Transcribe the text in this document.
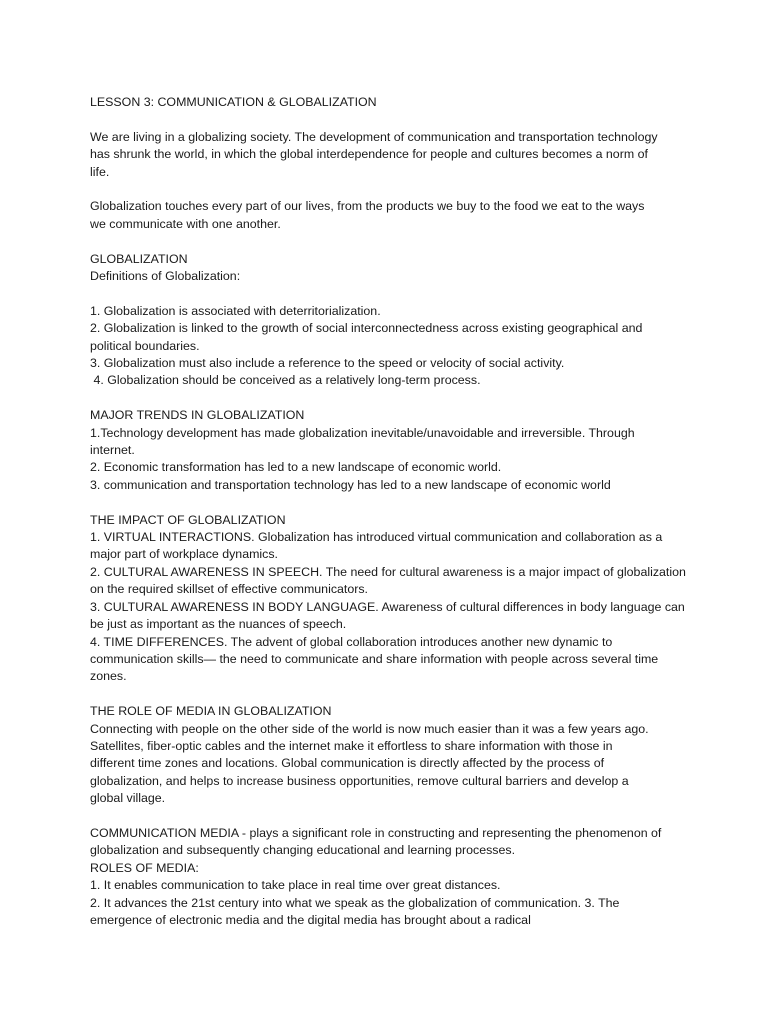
LESSON 3: COMMUNICATION & GLOBALIZATION
We are living in a globalizing society. The development of communication and transportation technology
has shrunk the world, in which the global interdependence for people and cultures becomes a norm of
life.
Globalization touches every part of our lives, from the products we buy to the food we eat to the ways
we communicate with one another.
GLOBALIZATION
Definitions of Globalization:
1. Globalization is associated with deterritorialization.
2. Globalization is linked to the growth of social interconnectedness across existing geographical and
political boundaries.
3. Globalization must also include a reference to the speed or velocity of social activity.
4. Globalization should be conceived as a relatively long-term process.
MAJOR TRENDS IN GLOBALIZATION
1.Technology development has made globalization inevitable/unavoidable and irreversible. Through
internet.
2. Economic transformation has led to a new landscape of economic world.
3. communication and transportation technology has led to a new landscape of economic world
THE IMPACT OF GLOBALIZATION
1. VIRTUAL INTERACTIONS. Globalization has introduced virtual communication and collaboration as a
major part of workplace dynamics.
2. CULTURAL AWARENESS IN SPEECH. The need for cultural awareness is a major impact of globalization
on the required skillset of effective communicators.
3. CULTURAL AWARENESS IN BODY LANGUAGE. Awareness of cultural differences in body language can
be just as important as the nuances of speech.
4. TIME DIFFERENCES. The advent of global collaboration introduces another new dynamic to
communication skills— the need to communicate and share information with people across several time
zones.
THE ROLE OF MEDIA IN GLOBALIZATION
Connecting with people on the other side of the world is now much easier than it was a few years ago.
Satellites, fiber-optic cables and the internet make it effortless to share information with those in
different time zones and locations. Global communication is directly affected by the process of
globalization, and helps to increase business opportunities, remove cultural barriers and develop a
global village.
COMMUNICATION MEDIA - plays a significant role in constructing and representing the phenomenon of
globalization and subsequently changing educational and learning processes.
ROLES OF MEDIA:
1. It enables communication to take place in real time over great distances.
2. It advances the 21st century into what we speak as the globalization of communication. 3. The
emergence of electronic media and the digital media has brought about a radical
